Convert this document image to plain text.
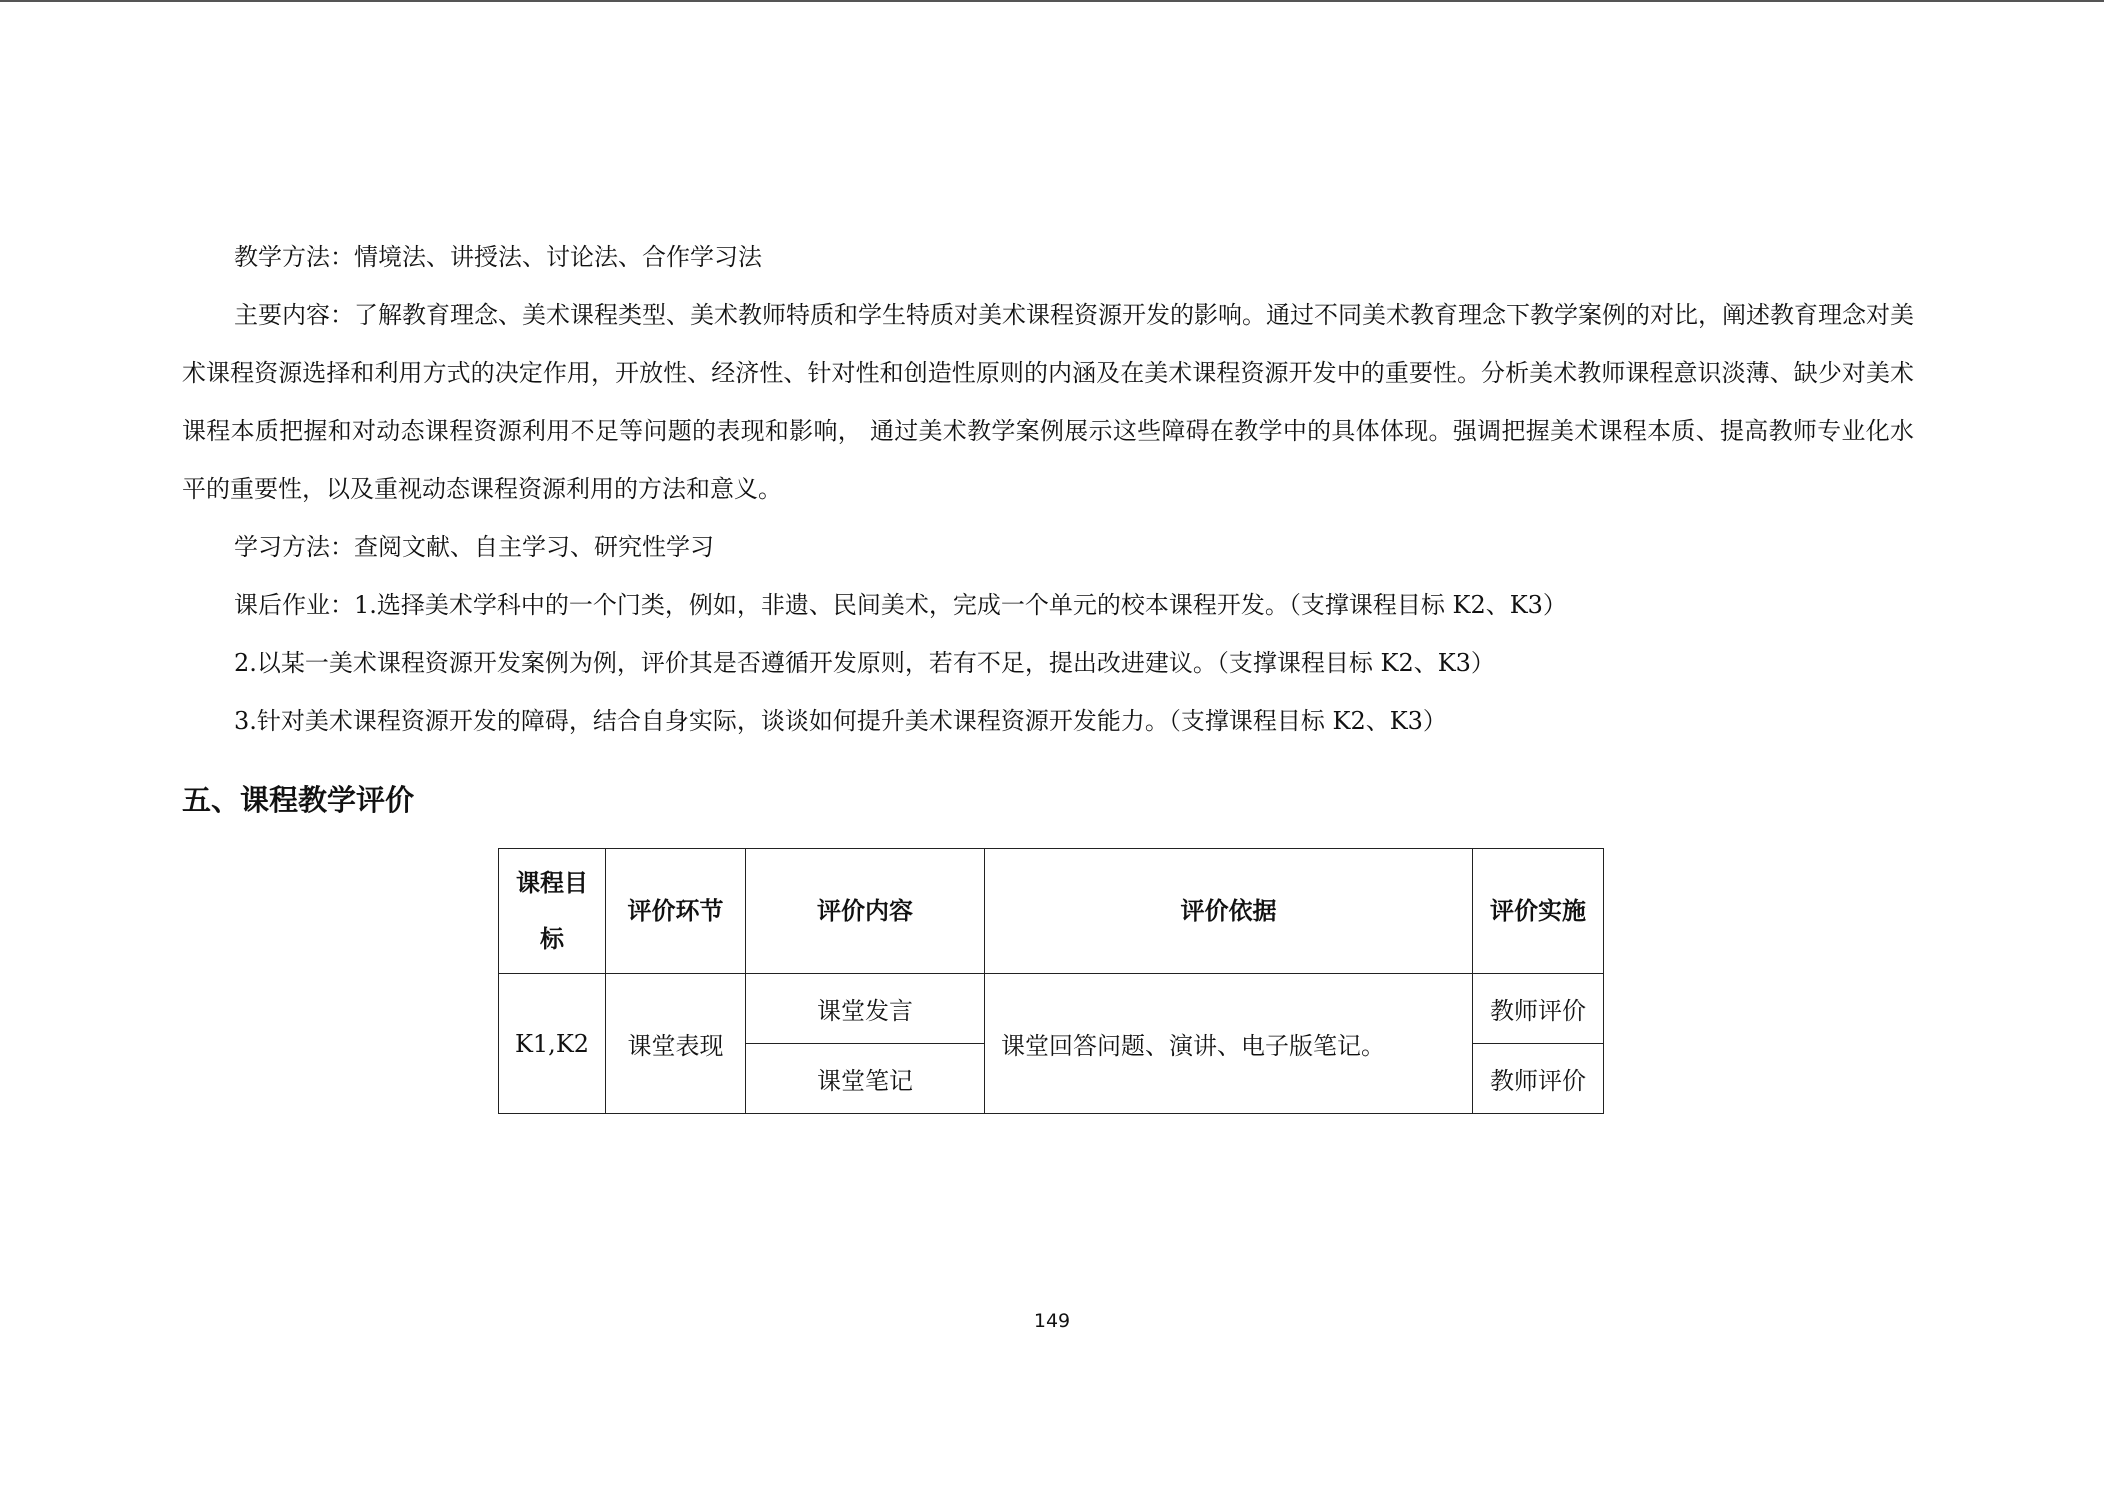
教学方法：情境法、讲授法、讨论法、合作学习法

主要内容：了解教育理念、美术课程类型、美术教师特质和学生特质对美术课程资源开发的影响。通过不同美术教育理念下教学案例的对比，阐述教育理念对美术课程资源选择和利用方式的决定作用，开放性、经济性、针对性和创造性原则的内涵及在美术课程资源开发中的重要性。分析美术教师课程意识淡薄、缺少对美术课程本质把握和对动态课程资源利用不足等问题的表现和影响， 通过美术教学案例展示这些障碍在教学中的具体体现。强调把握美术课程本质、提高教师专业化水平的重要性，以及重视动态课程资源利用的方法和意义。

学习方法：查阅文献、自主学习、研究性学习

课后作业：1.选择美术学科中的一个门类，例如，非遗、民间美术，完成一个单元的校本课程开发。（支撑课程目标 K2、K3）

2.以某一美术课程资源开发案例为例，评价其是否遵循开发原则，若有不足，提出改进建议。（支撑课程目标 K2、K3）

3.针对美术课程资源开发的障碍，结合自身实际，谈谈如何提升美术课程资源开发能力。（支撑课程目标 K2、K3）

五、课程教学评价
课程目标	评价环节	评价内容	评价依据	评价实施
K1,K2	课堂表现	课堂发言	课堂回答问题、演讲、电子版笔记。	教师评价
		课堂笔记		教师评价
149
